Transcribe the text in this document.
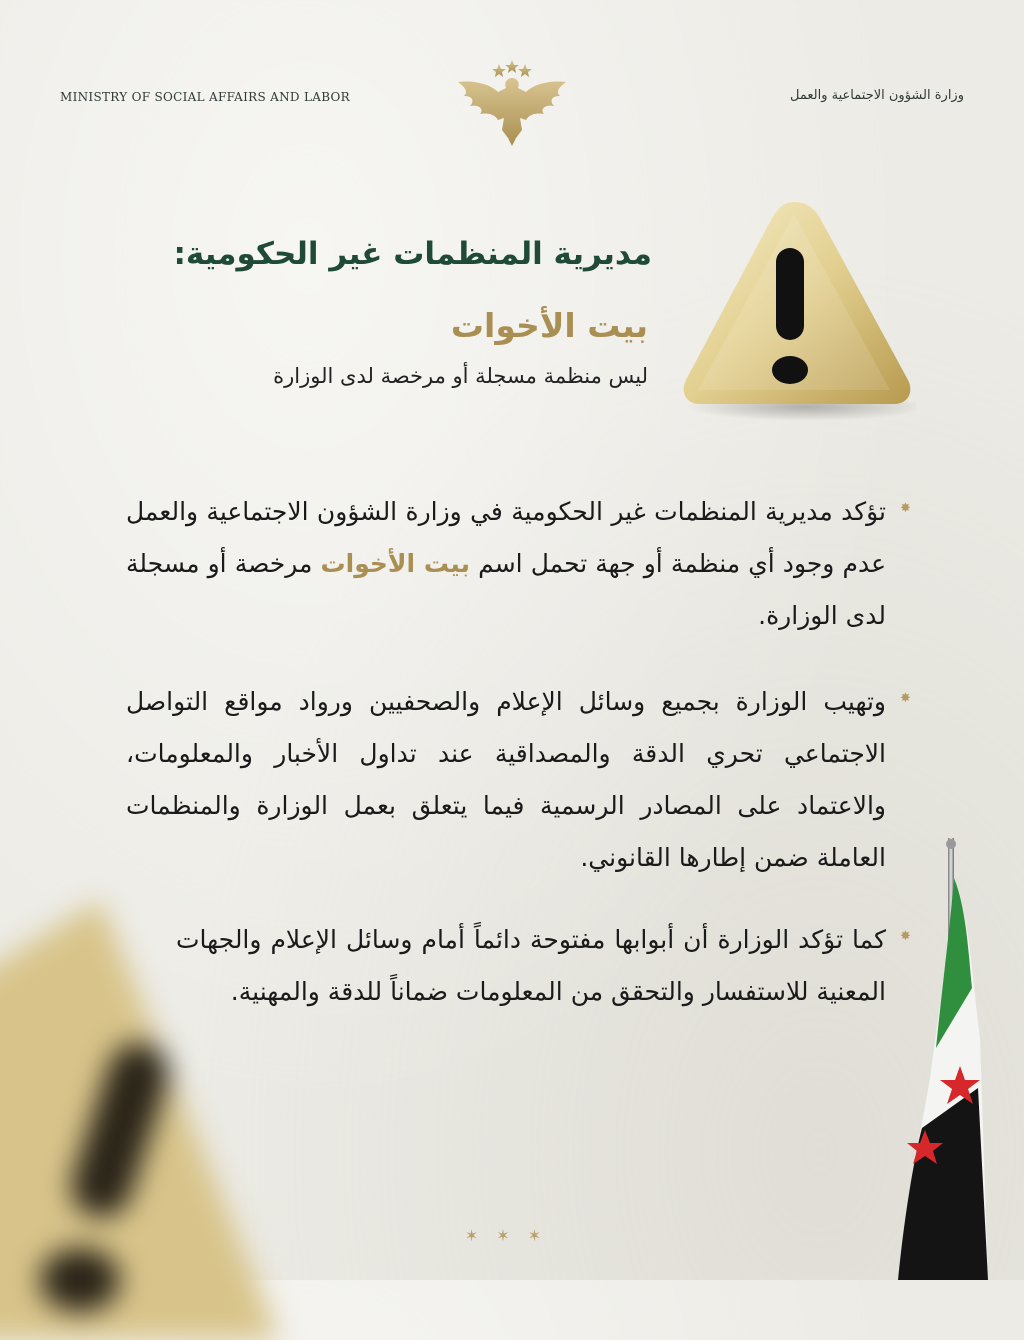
MINISTRY OF SOCIAL AFFAIRS AND LABOR	وزارة الشؤون الاجتماعية والعمل
مديرية المنظمات غير الحكومية:
بيت الأخوات
ليس منظمة مسجلة أو مرخصة لدى الوزارة
✸
تؤكد مديرية المنظمات غير الحكومية في وزارة الشؤون الاجتماعية والعمل عدم وجود أي منظمة أو جهة تحمل اسم بيت الأخوات مرخصة أو مسجلة لدى الوزارة.
✸
وتهيب الوزارة بجميع وسائل الإعلام والصحفيين ورواد مواقع التواصل الاجتماعي تحري الدقة والمصداقية عند تداول الأخبار والمعلومات، والاعتماد على المصادر الرسمية فيما يتعلق بعمل الوزارة والمنظمات العاملة ضمن إطارها القانوني.
✸
كما تؤكد الوزارة أن أبوابها مفتوحة دائماً أمام وسائل الإعلام والجهات المعنية للاستفسار والتحقق من المعلومات ضماناً للدقة والمهنية.
✶✶✶
